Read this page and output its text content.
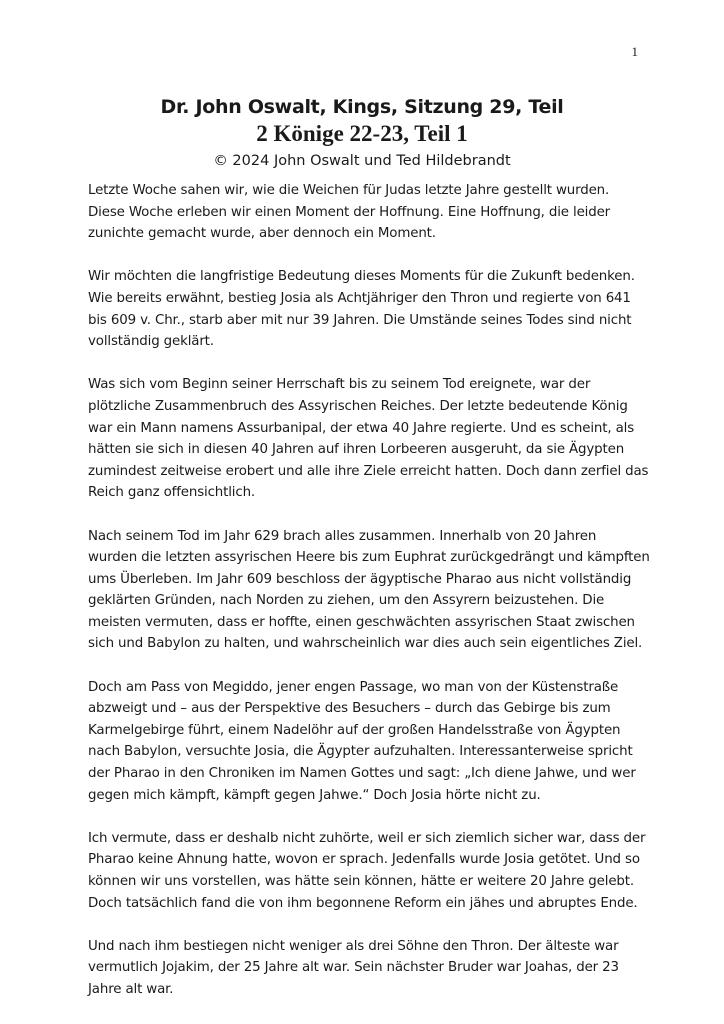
1
Dr. John Oswalt, Kings, Sitzung 29, Teil
2 Könige 22-23, Teil 1
© 2024 John Oswalt und Ted Hildebrandt

Letzte Woche sahen wir, wie die Weichen für Judas letzte Jahre gestellt wurden.
Diese Woche erleben wir einen Moment der Hoffnung. Eine Hoffnung, die leider
zunichte gemacht wurde, aber dennoch ein Moment.

Wir möchten die langfristige Bedeutung dieses Moments für die Zukunft bedenken.
Wie bereits erwähnt, bestieg Josia als Achtjähriger den Thron und regierte von 641
bis 609 v. Chr., starb aber mit nur 39 Jahren. Die Umstände seines Todes sind nicht
vollständig geklärt.

Was sich vom Beginn seiner Herrschaft bis zu seinem Tod ereignete, war der
plötzliche Zusammenbruch des Assyrischen Reiches. Der letzte bedeutende König
war ein Mann namens Assurbanipal, der etwa 40 Jahre regierte. Und es scheint, als
hätten sie sich in diesen 40 Jahren auf ihren Lorbeeren ausgeruht, da sie Ägypten
zumindest zeitweise erobert und alle ihre Ziele erreicht hatten. Doch dann zerfiel das
Reich ganz offensichtlich.

Nach seinem Tod im Jahr 629 brach alles zusammen. Innerhalb von 20 Jahren
wurden die letzten assyrischen Heere bis zum Euphrat zurückgedrängt und kämpften
ums Überleben. Im Jahr 609 beschloss der ägyptische Pharao aus nicht vollständig
geklärten Gründen, nach Norden zu ziehen, um den Assyrern beizustehen. Die
meisten vermuten, dass er hoffte, einen geschwächten assyrischen Staat zwischen
sich und Babylon zu halten, und wahrscheinlich war dies auch sein eigentliches Ziel.

Doch am Pass von Megiddo, jener engen Passage, wo man von der Küstenstraße
abzweigt und – aus der Perspektive des Besuchers – durch das Gebirge bis zum
Karmelgebirge führt, einem Nadelöhr auf der großen Handelsstraße von Ägypten
nach Babylon, versuchte Josia, die Ägypter aufzuhalten. Interessanterweise spricht
der Pharao in den Chroniken im Namen Gottes und sagt: „Ich diene Jahwe, und wer
gegen mich kämpft, kämpft gegen Jahwe.“ Doch Josia hörte nicht zu.

Ich vermute, dass er deshalb nicht zuhörte, weil er sich ziemlich sicher war, dass der
Pharao keine Ahnung hatte, wovon er sprach. Jedenfalls wurde Josia getötet. Und so
können wir uns vorstellen, was hätte sein können, hätte er weitere 20 Jahre gelebt.
Doch tatsächlich fand die von ihm begonnene Reform ein jähes und abruptes Ende.

Und nach ihm bestiegen nicht weniger als drei Söhne den Thron. Der älteste war
vermutlich Jojakim, der 25 Jahre alt war. Sein nächster Bruder war Joahas, der 23
Jahre alt war.
